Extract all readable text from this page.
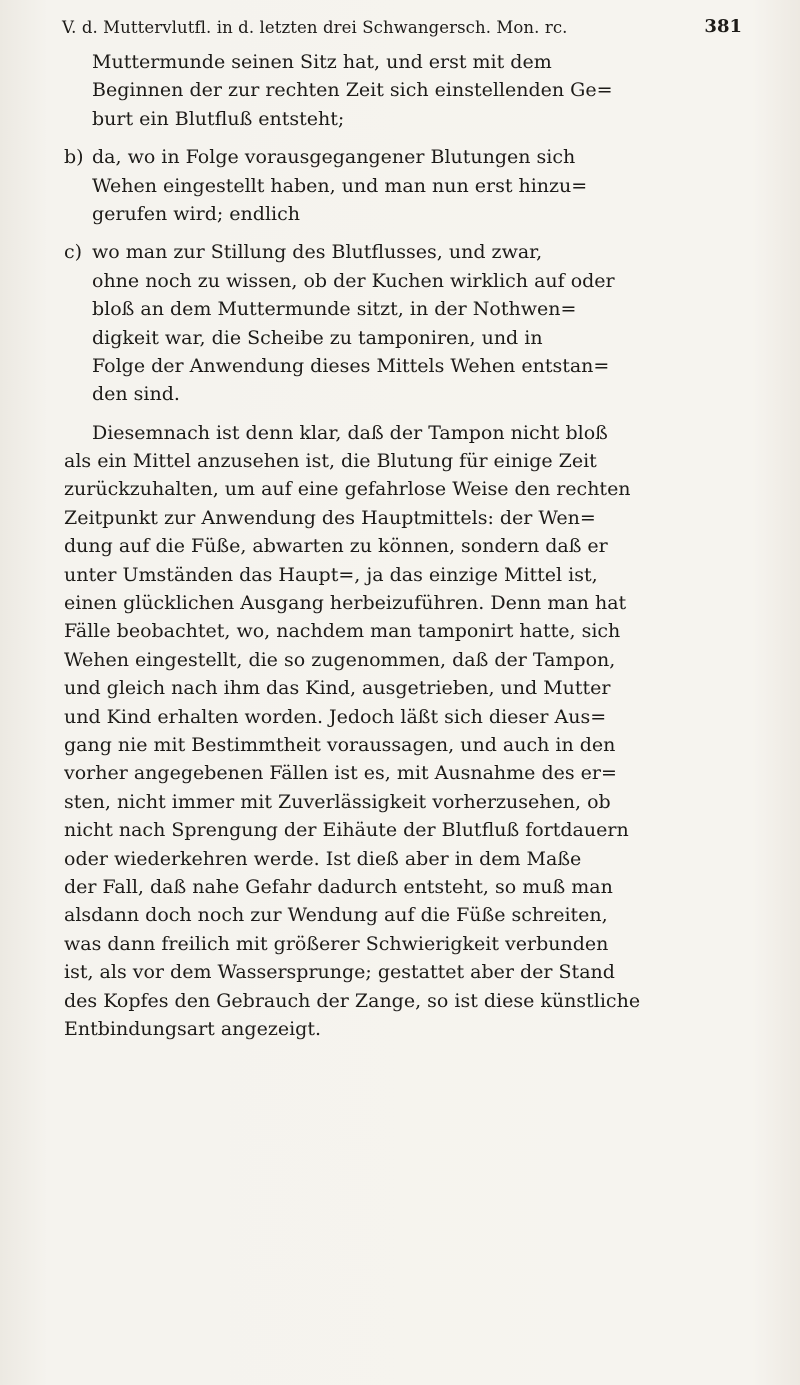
V. d. Muttervlutfl. in d. letzten drei Schwangersch. Mon. rc.	381
Muttermunde seinen Sitz hat, und erst mit dem
Beginnen der zur rechten Zeit sich einstellenden Ge=
burt ein Blutfluß entsteht;
b) da, wo in Folge vorausgegangener Blutungen sich
Wehen eingestellt haben, und man nun erst hinzu=
gerufen wird; endlich
c) wo man zur Stillung des Blutflusses, und zwar,
ohne noch zu wissen, ob der Kuchen wirklich auf oder
bloß an dem Muttermunde sitzt, in der Nothwen=
digkeit war, die Scheibe zu tamponiren, und in
Folge der Anwendung dieses Mittels Wehen entstan=
den sind.
Diesemnach ist denn klar, daß der Tampon nicht bloß
als ein Mittel anzusehen ist, die Blutung für einige Zeit
zurückzuhalten, um auf eine gefahrlose Weise den rechten
Zeitpunkt zur Anwendung des Hauptmittels: der Wen=
dung auf die Füße, abwarten zu können, sondern daß er
unter Umständen das Haupt=, ja das einzige Mittel ist,
einen glücklichen Ausgang herbeizuführen. Denn man hat
Fälle beobachtet, wo, nachdem man tamponirt hatte, sich
Wehen eingestellt, die so zugenommen, daß der Tampon,
und gleich nach ihm das Kind, ausgetrieben, und Mutter
und Kind erhalten worden. Jedoch läßt sich dieser Aus=
gang nie mit Bestimmtheit voraussagen, und auch in den
vorher angegebenen Fällen ist es, mit Ausnahme des er=
sten, nicht immer mit Zuverlässigkeit vorherzusehen, ob
nicht nach Sprengung der Eihäute der Blutfluß fortdauern
oder wiederkehren werde. Ist dieß aber in dem Maße
der Fall, daß nahe Gefahr dadurch entsteht, so muß man
alsdann doch noch zur Wendung auf die Füße schreiten,
was dann freilich mit größerer Schwierigkeit verbunden
ist, als vor dem Wassersprunge; gestattet aber der Stand
des Kopfes den Gebrauch der Zange, so ist diese künstliche
Entbindungsart angezeigt.
